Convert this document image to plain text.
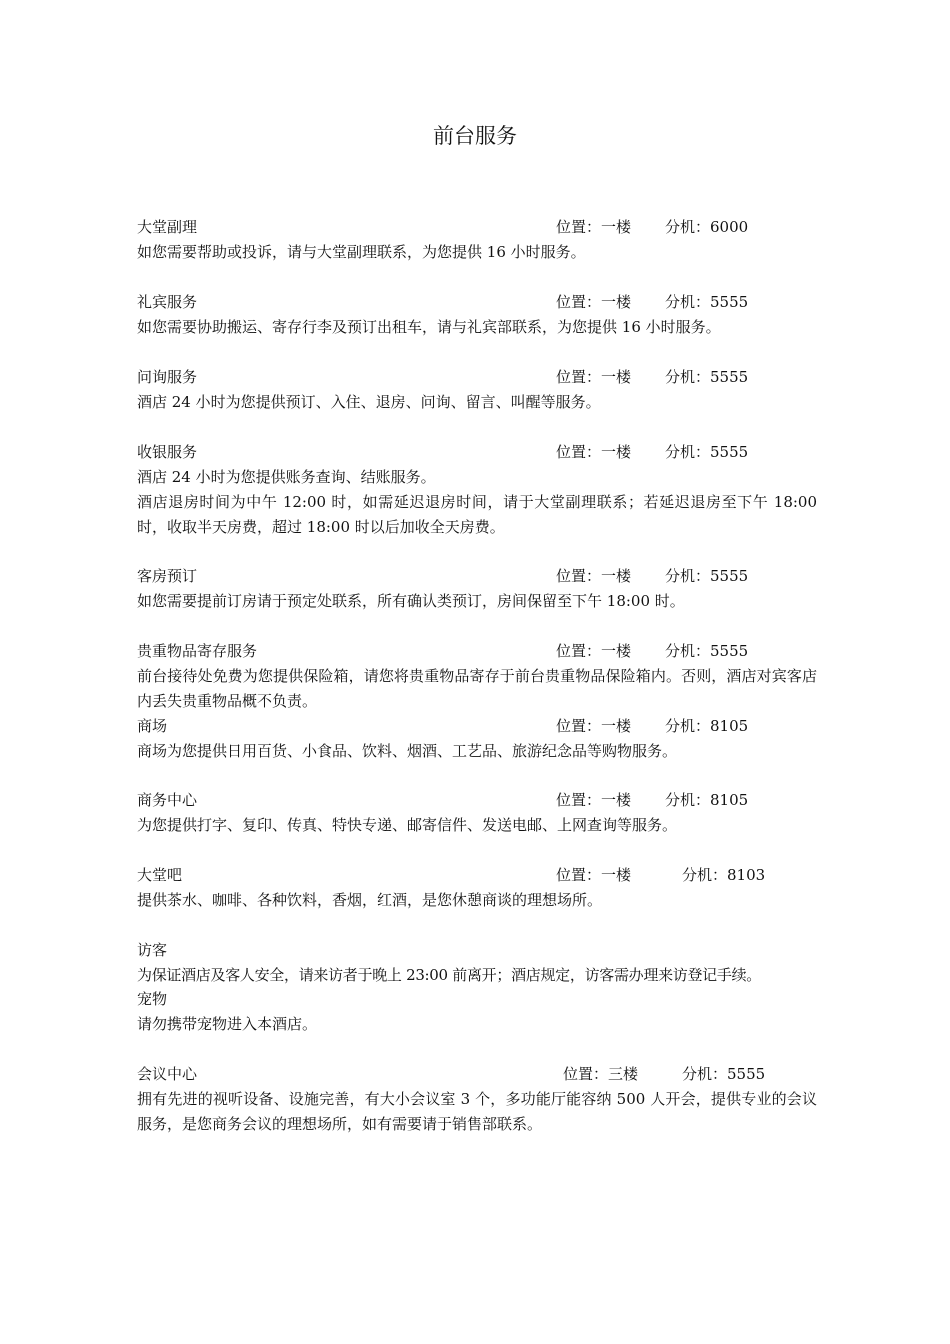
前台服务
大堂副理	位置：一楼 分机：6000
如您需要帮助或投诉，请与大堂副理联系，为您提供 16 小时服务。
礼宾服务	位置：一楼 分机：5555
如您需要协助搬运、寄存行李及预订出租车，请与礼宾部联系，为您提供 16 小时服务。
问询服务	位置：一楼 分机：5555
酒店 24 小时为您提供预订、入住、退房、问询、留言、叫醒等服务。
收银服务	位置：一楼 分机：5555
酒店 24 小时为您提供账务查询、结账服务。
酒店退房时间为中午 12:00 时，如需延迟退房时间，请于大堂副理联系；若延迟退房至下午 18:00 时，收取半天房费，超过 18:00 时以后加收全天房费。
客房预订	位置：一楼 分机：5555
如您需要提前订房请于预定处联系，所有确认类预订，房间保留至下午 18:00 时。
贵重物品寄存服务	位置：一楼 分机：5555
前台接待处免费为您提供保险箱，请您将贵重物品寄存于前台贵重物品保险箱内。否则，酒店对宾客店内丢失贵重物品概不负责。
商场	位置：一楼 分机：8105
商场为您提供日用百货、小食品、饮料、烟酒、工艺品、旅游纪念品等购物服务。
商务中心	位置：一楼 分机：8105
为您提供打字、复印、传真、特快专递、邮寄信件、发送电邮、上网查询等服务。
大堂吧	位置：一楼	分机：8103
提供茶水、咖啡、各种饮料，香烟，红酒，是您休憩商谈的理想场所。
访客
为保证酒店及客人安全，请来访者于晚上 23:00 前离开；酒店规定，访客需办理来访登记手续。
宠物
请勿携带宠物进入本酒店。
会议中心	位置：三楼	分机：5555
拥有先进的视听设备、设施完善，有大小会议室 3 个，多功能厅能容纳 500 人开会，提供专业的会议服务，是您商务会议的理想场所，如有需要请于销售部联系。
